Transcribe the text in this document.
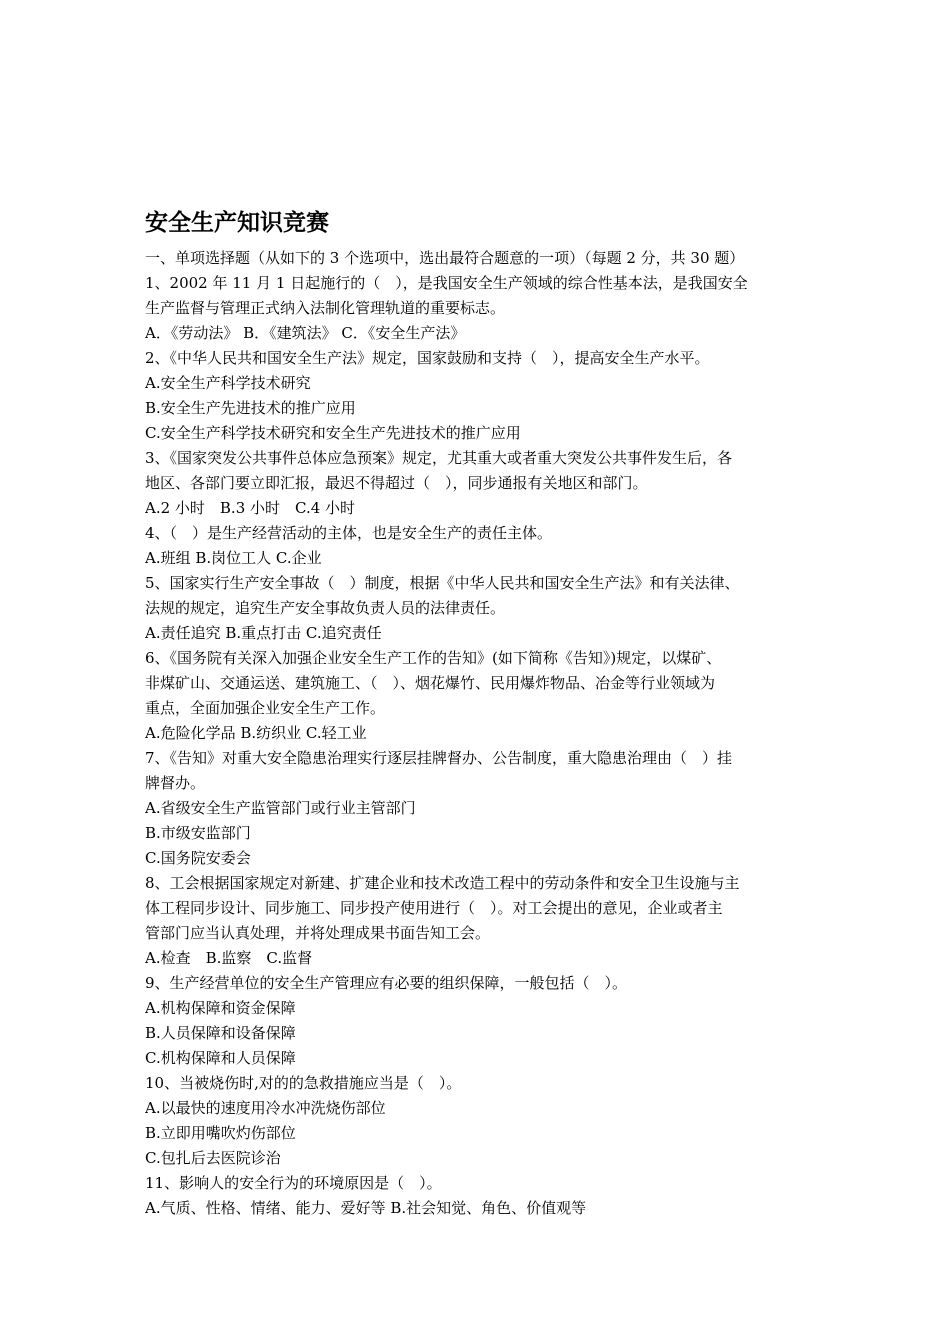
安全生产知识竞赛
一、单项选择题（从如下的 3 个选项中，选出最符合题意的一项）（每题 2 分，共 30 题）
1、2002 年 11 月 1 日起施行的（　），是我国安全生产领域的综合性基本法，是我国安全
生产监督与管理正式纳入法制化管理轨道的重要标志。
A．《劳动法》 B．《建筑法》 C．《安全生产法》
2、《中华人民共和国安全生产法》规定，国家鼓励和支持（　），提高安全生产水平。
A.安全生产科学技术研究
B.安全生产先进技术的推广应用
C.安全生产科学技术研究和安全生产先进技术的推广应用
3、《国家突发公共事件总体应急预案》规定，尤其重大或者重大突发公共事件发生后，各
地区、各部门要立即汇报，最迟不得超过（　），同步通报有关地区和部门。
A.2 小时　B.3 小时　C.4 小时
4、（　）是生产经营活动的主体，也是安全生产的责任主体。
A.班组 B.岗位工人 C.企业
5、国家实行生产安全事故（　）制度，根据《中华人民共和国安全生产法》和有关法律、
法规的规定，追究生产安全事故负责人员的法律责任。
A.责任追究 B.重点打击 C.追究责任
6、《国务院有关深入加强企业安全生产工作的告知》(如下简称《告知》)规定，以煤矿、
非煤矿山、交通运送、建筑施工、（　）、烟花爆竹、民用爆炸物品、冶金等行业领域为
重点，全面加强企业安全生产工作。
A.危险化学品 B.纺织业 C.轻工业
7、《告知》对重大安全隐患治理实行逐层挂牌督办、公告制度，重大隐患治理由（　）挂
牌督办。
A.省级安全生产监管部门或行业主管部门
B.市级安监部门
C.国务院安委会
8、工会根据国家规定对新建、扩建企业和技术改造工程中的劳动条件和安全卫生设施与主
体工程同步设计、同步施工、同步投产使用进行（　）。对工会提出的意见，企业或者主
管部门应当认真处理，并将处理成果书面告知工会。
A.检查　B.监察　C.监督
9、生产经营单位的安全生产管理应有必要的组织保障，一般包括（　）。
A.机构保障和资金保障
B.人员保障和设备保障
C.机构保障和人员保障
10、当被烧伤时,对的的急救措施应当是（　）。
A.以最快的速度用冷水冲洗烧伤部位
B.立即用嘴吹灼伤部位
C.包扎后去医院诊治
11、影响人的安全行为的环境原因是（　）。
A.气质、性格、情绪、能力、爱好等 B.社会知觉、角色、价值观等
